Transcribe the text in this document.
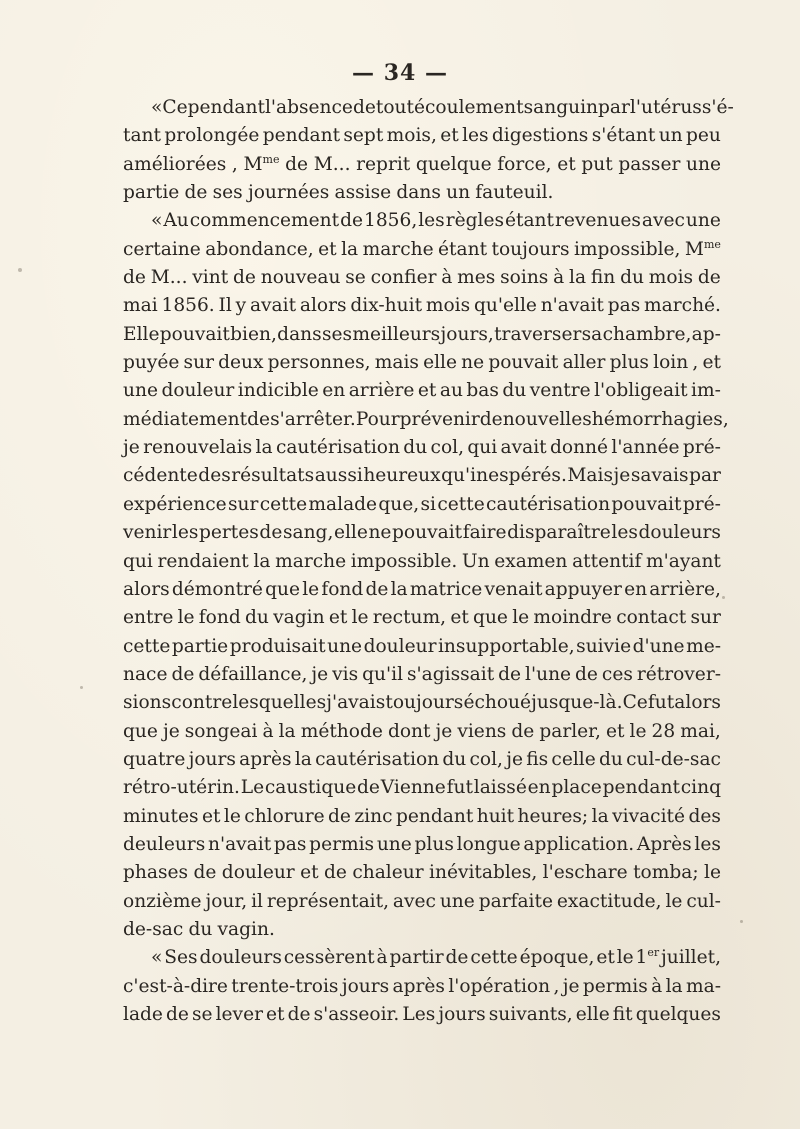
— 34 —
« Cependant l'absence de tout écoulement sanguin par l'utérus s'é-
tant prolongée pendant sept mois, et les digestions s'étant un peu
améliorées , $M^{me}$ de M... reprit quelque force, et put passer une
partie de ses journées assise dans un fauteuil.
« Au commencement de 1856, les règles étant revenues avec une
certaine abondance, et la marche étant toujours impossible, $M^{me}$
de M... vint de nouveau se confier à mes soins à la fin du mois de
mai 1856. Il y avait alors dix-huit mois qu'elle n'avait pas marché.
Elle pouvait bien, dans ses meilleurs jours, traverser sa chambre, ap-
puyée sur deux personnes, mais elle ne pouvait aller plus loin , et
une douleur indicible en arrière et au bas du ventre l'obligeait im-
médiatement de s'arrêter. Pour prévenir de nouvelles hémorrhagies,
je renouvelais la cautérisation du col, qui avait donné l'année pré-
cédente des résultats aussi heureux qu'inespérés. Mais je savais par
expérience sur cette malade que, si cette cautérisation pouvait pré-
venir les pertes de sang, elle ne pouvait faire disparaître les douleurs
qui rendaient la marche impossible. Un examen attentif m'ayant
alors démontré que le fond de la matrice venait appuyer en arrière,
entre le fond du vagin et le rectum, et que le moindre contact sur
cette partie produisait une douleur insupportable, suivie d'une me-
nace de défaillance, je vis qu'il s'agissait de l'une de ces rétrover-
sions contre lesquelles j'avais toujours échoué jusque-là. Ce fut alors
que je songeai à la méthode dont je viens de parler, et le 28 mai,
quatre jours après la cautérisation du col, je fis celle du cul-de-sac
rétro-utérin. Le caustique de Vienne fut laissé en place pendant cinq
minutes et le chlorure de zinc pendant huit heures; la vivacité des
deuleurs n'avait pas permis une plus longue application. Après les
phases de douleur et de chaleur inévitables, l'eschare tomba; le
onzième jour, il représentait, avec une parfaite exactitude, le cul-
de-sac du vagin.
« Ses douleurs cessèrent à partir de cette époque, et le 1er juillet,
c'est-à-dire trente-trois jours après l'opération , je permis à la ma-
lade de se lever et de s'asseoir. Les jours suivants, elle fit quelques
